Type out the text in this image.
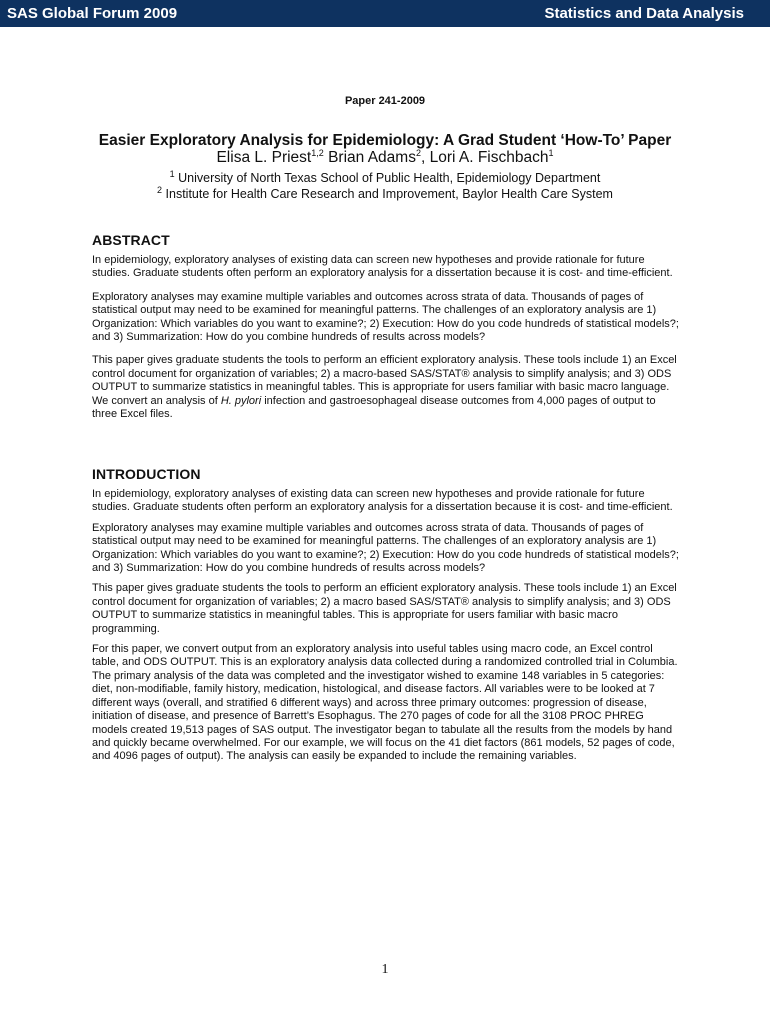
SAS Global Forum 2009	Statistics and Data Analysis
Paper 241-2009
Easier Exploratory Analysis for Epidemiology: A Grad Student ‘How-To’ Paper
Elisa L. Priest$^{1,2}$ Brian Adams$^2$, Lori A. Fischbach$^1$
$^1$ University of North Texas School of Public Health, Epidemiology Department
$^2$ Institute for Health Care Research and Improvement, Baylor Health Care System
ABSTRACT

In epidemiology, exploratory analyses of existing data can screen new hypotheses and provide rationale for future studies. Graduate students often perform an exploratory analysis for a dissertation because it is cost- and time-efficient.

Exploratory analyses may examine multiple variables and outcomes across strata of data. Thousands of pages of statistical output may need to be examined for meaningful patterns. The challenges of an exploratory analysis are 1) Organization: Which variables do you want to examine?; 2) Execution: How do you code hundreds of statistical models?; and 3) Summarization: How do you combine hundreds of results across models?

This paper gives graduate students the tools to perform an efficient exploratory analysis. These tools include 1) an Excel control document for organization of variables; 2) a macro-based SAS/STAT® analysis to simplify analysis; and 3) ODS OUTPUT to summarize statistics in meaningful tables. This is appropriate for users familiar with basic macro language. We convert an analysis of H. pylori infection and gastroesophageal disease outcomes from 4,000 pages of output to three Excel files.

INTRODUCTION

In epidemiology, exploratory analyses of existing data can screen new hypotheses and provide rationale for future studies. Graduate students often perform an exploratory analysis for a dissertation because it is cost- and time-efficient.

Exploratory analyses may examine multiple variables and outcomes across strata of data. Thousands of pages of statistical output may need to be examined for meaningful patterns. The challenges of an exploratory analysis are 1) Organization: Which variables do you want to examine?; 2) Execution: How do you code hundreds of statistical models?; and 3) Summarization: How do you combine hundreds of results across models?

This paper gives graduate students the tools to perform an efficient exploratory analysis. These tools include 1) an Excel control document for organization of variables; 2) a macro based SAS/STAT® analysis to simplify analysis; and 3) ODS OUTPUT to summarize statistics in meaningful tables. This is appropriate for users familiar with basic macro programming.

For this paper, we convert output from an exploratory analysis into useful tables using macro code, an Excel control table, and ODS OUTPUT. This is an exploratory analysis data collected during a randomized controlled trial in Columbia. The primary analysis of the data was completed and the investigator wished to examine 148 variables in 5 categories: diet, non-modifiable, family history, medication, histological, and disease factors. All variables were to be looked at 7 different ways (overall, and stratified 6 different ways) and across three primary outcomes: progression of disease, initiation of disease, and presence of Barrett’s Esophagus. The 270 pages of code for all the 3108 PROC PHREG models created 19,513 pages of SAS output. The investigator began to tabulate all the results from the models by hand and quickly became overwhelmed. For our example, we will focus on the 41 diet factors (861 models, 52 pages of code, and 4096 pages of output). The analysis can easily be expanded to include the remaining variables.

1
